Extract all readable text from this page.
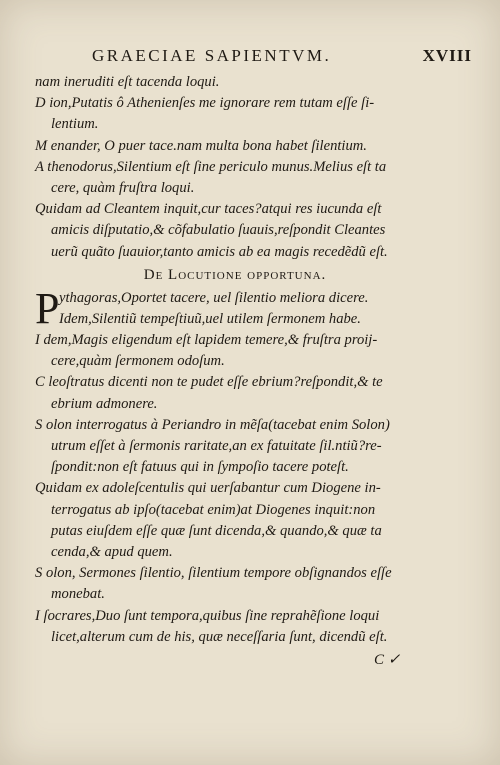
GRAECIAE SAPIENTVM.	XVIII
nam ineruditi eſt tacenda loqui.
D ion,Putatis ô Athenienſes me ignorare rem tutam eſſe ſi-
lentium.
M enander, O puer tace.nam multa bona habet ſilentium.
A thenodorus,Silentium eſt ſine periculo munus.Melius eſt ta
cere, quàm fruſtra loqui.
Quidam ad Cleantem inquit,cur taces?atqui res iucunda eſt
amicis diſputatio,& cõfabulatio ſuauis,reſpondit Cleantes
uerũ quãto ſuauior,tanto amicis ab ea magis recedẽdũ eſt.
De Locutione opportuna.
P ythagoras,Oportet tacere, uel ſilentio meliora dicere.
Idem,Silentiũ tempeſtiuũ,uel utilem ſermonem habe.
I dem,Magis eligendum eſt lapidem temere,& fruſtra proij-
cere,quàm ſermonem odoſum.
C leoſtratus dicenti non te pudet eſſe ebrium?reſpondit,& te
ebrium admonere.
S olon interrogatus à Periandro in mẽſa(tacebat enim Solon)
utrum eſſet à ſermonis raritate,an ex fatuitate ſil.ntiũ?re-
ſpondit:non eſt fatuus qui in ſympoſio tacere poteſt.
Quidam ex adoleſcentulis qui uerſabantur cum Diogene in-
terrogatus ab ipſo(tacebat enim)at Diogenes inquit:non
putas eiuſdem eſſe quæ ſunt dicenda,& quando,& quæ ta
cenda,& apud quem.
S olon, Sermones ſilentio, ſilentium tempore obſignandos eſſe
monebat.
I ſocrares,Duo ſunt tempora,quibus ſine reprahẽſione loqui
licet,alterum cum de his, quæ neceſſaria ſunt, dicendũ eſt.
C ✓
